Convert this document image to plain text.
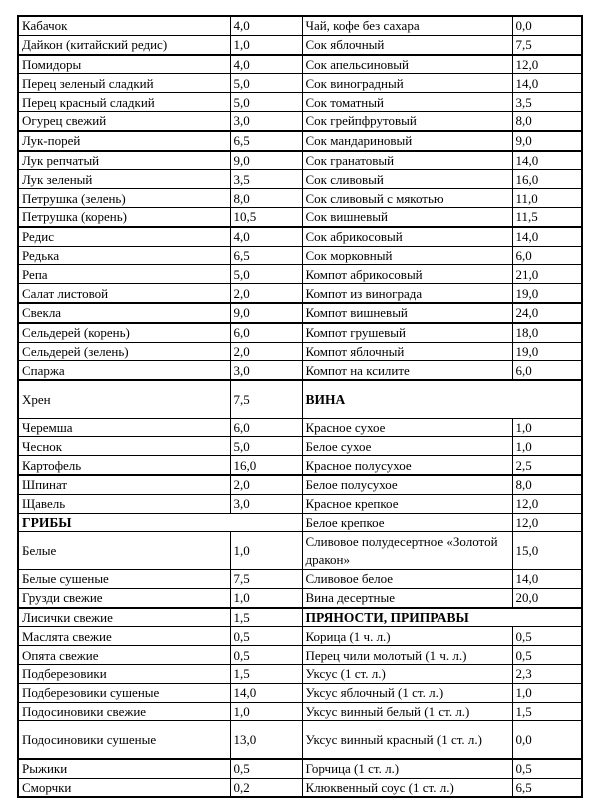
Кабачок	4,0	Чай, кофе без сахара	0,0
Дайкон (китайский редис)	1,0	Сок яблочный	7,5
Помидоры	4,0	Сок апельсиновый	12,0
Перец зеленый сладкий	5,0	Сок виноградный	14,0
Перец красный сладкий	5,0	Сок томатный	3,5
Огурец свежий	3,0	Сок грейпфрутовый	8,0
Лук-порей	6,5	Сок мандариновый	9,0
Лук репчатый	9,0	Сок гранатовый	14,0
Лук зеленый	3,5	Сок сливовый	16,0
Петрушка (зелень)	8,0	Сок сливовый с мякотью	11,0
Петрушка (корень)	10,5	Сок вишневый	11,5
Редис	4,0	Сок абрикосовый	14,0
Редька	6,5	Сок морковный	6,0
Репа	5,0	Компот абрикосовый	21,0
Салат листовой	2,0	Компот из винограда	19,0
Свекла	9,0	Компот вишневый	24,0
Сельдерей (корень)	6,0	Компот грушевый	18,0
Сельдерей (зелень)	2,0	Компот яблочный	19,0
Спаржа	3,0	Компот на ксилите	6,0
Хрен	7,5	ВИНА	
Черемша	6,0	Красное сухое	1,0
Чеснок	5,0	Белое сухое	1,0
Картофель	16,0	Красное полусухое	2,5
Шпинат	2,0	Белое полусухое	8,0
Щавель	3,0	Красное крепкое	12,0
ГРИБЫ		Белое крепкое	12,0
Белые	1,0	Сливовое полудесертное «Золотой дракон»	15,0
Белые сушеные	7,5	Сливовое белое	14,0
Грузди свежие	1,0	Вина десертные	20,0
Лисички свежие	1,5	ПРЯНОСТИ, ПРИПРАВЫ	
Маслята свежие	0,5	Корица (1 ч. л.)	0,5
Опята свежие	0,5	Перец чили молотый (1 ч. л.)	0,5
Подберезовики	1,5	Уксус (1 ст. л.)	2,3
Подберезовики сушеные	14,0	Уксус яблочный (1 ст. л.)	1,0
Подосиновики свежие	1,0	Уксус винный белый (1 ст. л.)	1,5
Подосиновики сушеные	13,0	Уксус винный красный (1 ст. л.)	0,0
Рыжики	0,5	Горчица (1 ст. л.)	0,5
Сморчки	0,2	Клюквенный соус (1 ст. л.)	6,5
